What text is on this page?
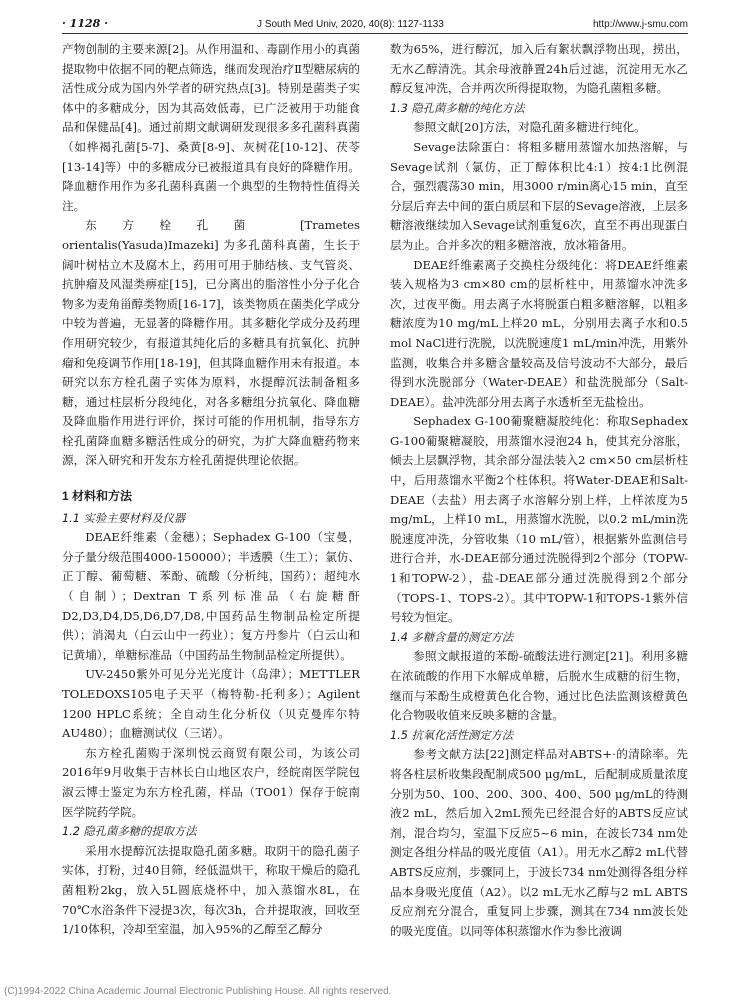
· 1128 ·	J South Med Univ, 2020, 40(8): 1127-1133	http://www.j-smu.com

产物创制的主要来源[2]。从作用温和、毒副作用小的真菌提取物中依据不同的靶点筛选，继而发现治疗Ⅱ型糖尿病的活性成分成为国内外学者的研究热点[3]。特别是菌类子实体中的多糖成分，因为其高效低毒，已广泛被用于功能食品和保健品[4]。通过前期文献调研发现很多多孔菌科真菌（如桦褐孔菌[5-7]、桑黄[8-9]、灰树花[10-12]、茯苓[13-14]等）中的多糖成分已被报道具有良好的降糖作用。降血糖作用作为多孔菌科真菌一个典型的生物特性值得关注。

东方栓孔菌 [Trametes orientalis(Yasuda)Imazeki] 为多孔菌科真菌，生长于阔叶树枯立木及腐木上，药用可用于肺结核、支气管炎、抗肿瘤及风湿类痹症[15]，已分离出的脂溶性小分子化合物多为麦角甾醇类物质[16-17]，该类物质在菌类化学成分中较为普遍，无显著的降糖作用。其多糖化学成分及药理作用研究较少，有报道其纯化后的多糖具有抗氧化、抗肿瘤和免疫调节作用[18-19]，但其降血糖作用未有报道。本研究以东方栓孔菌子实体为原料，水提醇沉法制备粗多糖，通过柱层析分段纯化，对各多糖组分抗氧化、降血糖及降血脂作用进行评价，探讨可能的作用机制，指导东方栓孔菌降血糖多糖活性成分的研究，为扩大降血糖药物来源，深入研究和开发东方栓孔菌提供理论依据。

1 材料和方法
1.1 实验主要材料及仪器

DEAE纤维素（金穗）；Sephadex G-100（宝曼，分子量分级范围4000-150000）；半透膜（生工）；氯仿、正丁醇、葡萄糖、苯酚、硫酸（分析纯，国药）；超纯水（自制）；Dextran T系列标准品（右旋糖酐D2,D3,D4,D5,D6,D7,D8,中国药品生物制品检定所提供）；消渴丸（白云山中一药业）；复方丹参片（白云山和记黄埔），单糖标准品（中国药品生物制品检定所提供）。

UV-2450紫外可见分光光度计（岛津）；METTLER TOLEDOXS105电子天平（梅特勒-托利多）；Agilent 1200 HPLC系统；全自动生化分析仪（贝克曼库尔特AU480）；血糖测试仪（三诺）。

东方栓孔菌购于深圳悦云商贸有限公司，为该公司2016年9月收集于吉林长白山地区农户，经皖南医学院包淑云博士鉴定为东方栓孔菌，样品（TO01）保存于皖南医学院药学院。

1.2 隐孔菌多糖的提取方法

采用水提醇沉法提取隐孔菌多糖。取阴干的隐孔菌子实体，打粉，过40目筛，经低温烘干，称取干燥后的隐孔菌粗粉2kg，放入5L圆底烧杯中，加入蒸馏水8L，在70℃水浴条件下浸提3次，每次3h，合并提取液，回收至1/10体积，冷却至室温，加入95%的乙醇至乙醇分

数为65%，进行醇沉，加入后有絮状飘浮物出现，捞出，无水乙醇清洗。其余母液静置24h后过滤，沉淀用无水乙醇反复冲洗，合并两次所得提取物，为隐孔菌粗多糖。

1.3 隐孔菌多糖的纯化方法

参照文献[20]方法，对隐孔菌多糖进行纯化。

Sevage法除蛋白：将粗多糖用蒸馏水加热溶解，与Sevage试剂（氯仿，正丁醇体积比4:1）按4:1比例混合，强烈震荡30 min，用3000 r/min离心15 min，直至分层后弃去中间的蛋白质层和下层的Sevage溶液，上层多糖溶液继续加入Sevage试剂重复6次，直至不再出现蛋白层为止。合并多次的粗多糖溶液，放冰箱备用。

DEAE纤维素离子交换柱分级纯化：将DEAE纤维素装入规格为3 cm×80 cm的层析柱中，用蒸馏水冲洗多次，过夜平衡。用去离子水将脱蛋白粗多糖溶解，以粗多糖浓度为10 mg/mL上样20 mL，分别用去离子水和0.5 mol NaCl进行洗脱，以洗脱速度1 mL/min冲洗，用紫外监测，收集合并多糖含量较高及信号波动不大部分，最后得到水洗脱部分（Water-DEAE）和盐洗脱部分（Salt-DEAE）。盐冲洗部分用去离子水透析至无盐检出。

Sephadex G-100葡聚糖凝胶纯化：称取Sephadex G-100葡聚糖凝胶，用蒸馏水浸泡24 h，使其充分溶胀，倾去上层飘浮物，其余部分湿法装入2 cm×50 cm层析柱中，后用蒸馏水平衡2个柱体积。将Water-DEAE和Salt-DEAE（去盐）用去离子水溶解分别上样，上样浓度为5 mg/mL，上样10 mL，用蒸馏水洗脱，以0.2 mL/min洗脱速度冲洗，分管收集（10 mL/管），根据紫外监测信号进行合并，水-DEAE部分通过洗脱得到2个部分（TOPW-1和TOPW-2），盐-DEAE部分通过洗脱得到2个部分（TOPS-1、TOPS-2）。其中TOPW-1和TOPS-1紫外信号较为恒定。

1.4 多糖含量的测定方法

参照文献报道的苯酚-硫酸法进行测定[21]。利用多糖在浓硫酸的作用下水解成单糖，后脱水生成糖的衍生物，继而与苯酚生成橙黄色化合物，通过比色法监测该橙黄色化合物吸收值来反映多糖的含量。

1.5 抗氧化活性测定方法

参考文献方法[22]测定样品对ABTS+·的清除率。先将各柱层析收集段配制成500 μg/mL，后配制成质量浓度分别为50、100、200、300、400、500 μg/mL的待测液2 mL，然后加入2mL预先已经混合好的ABTS反应试剂，混合均匀，室温下反应5~6 min，在波长734 nm处测定各组分样品的吸光度值（A1）。用无水乙醇2 mL代替ABTS反应剂，步骤同上，于波长734 nm处测得各组分样品本身吸光度值（A2）。以2 mL无水乙醇与2 mL ABTS反应剂充分混合，重复同上步骤，测其在734 nm波长处的吸光度值。以同等体积蒸馏水作为参比液调

(C)1994-2022 China Academic Journal Electronic Publishing House. All rights reserved.
